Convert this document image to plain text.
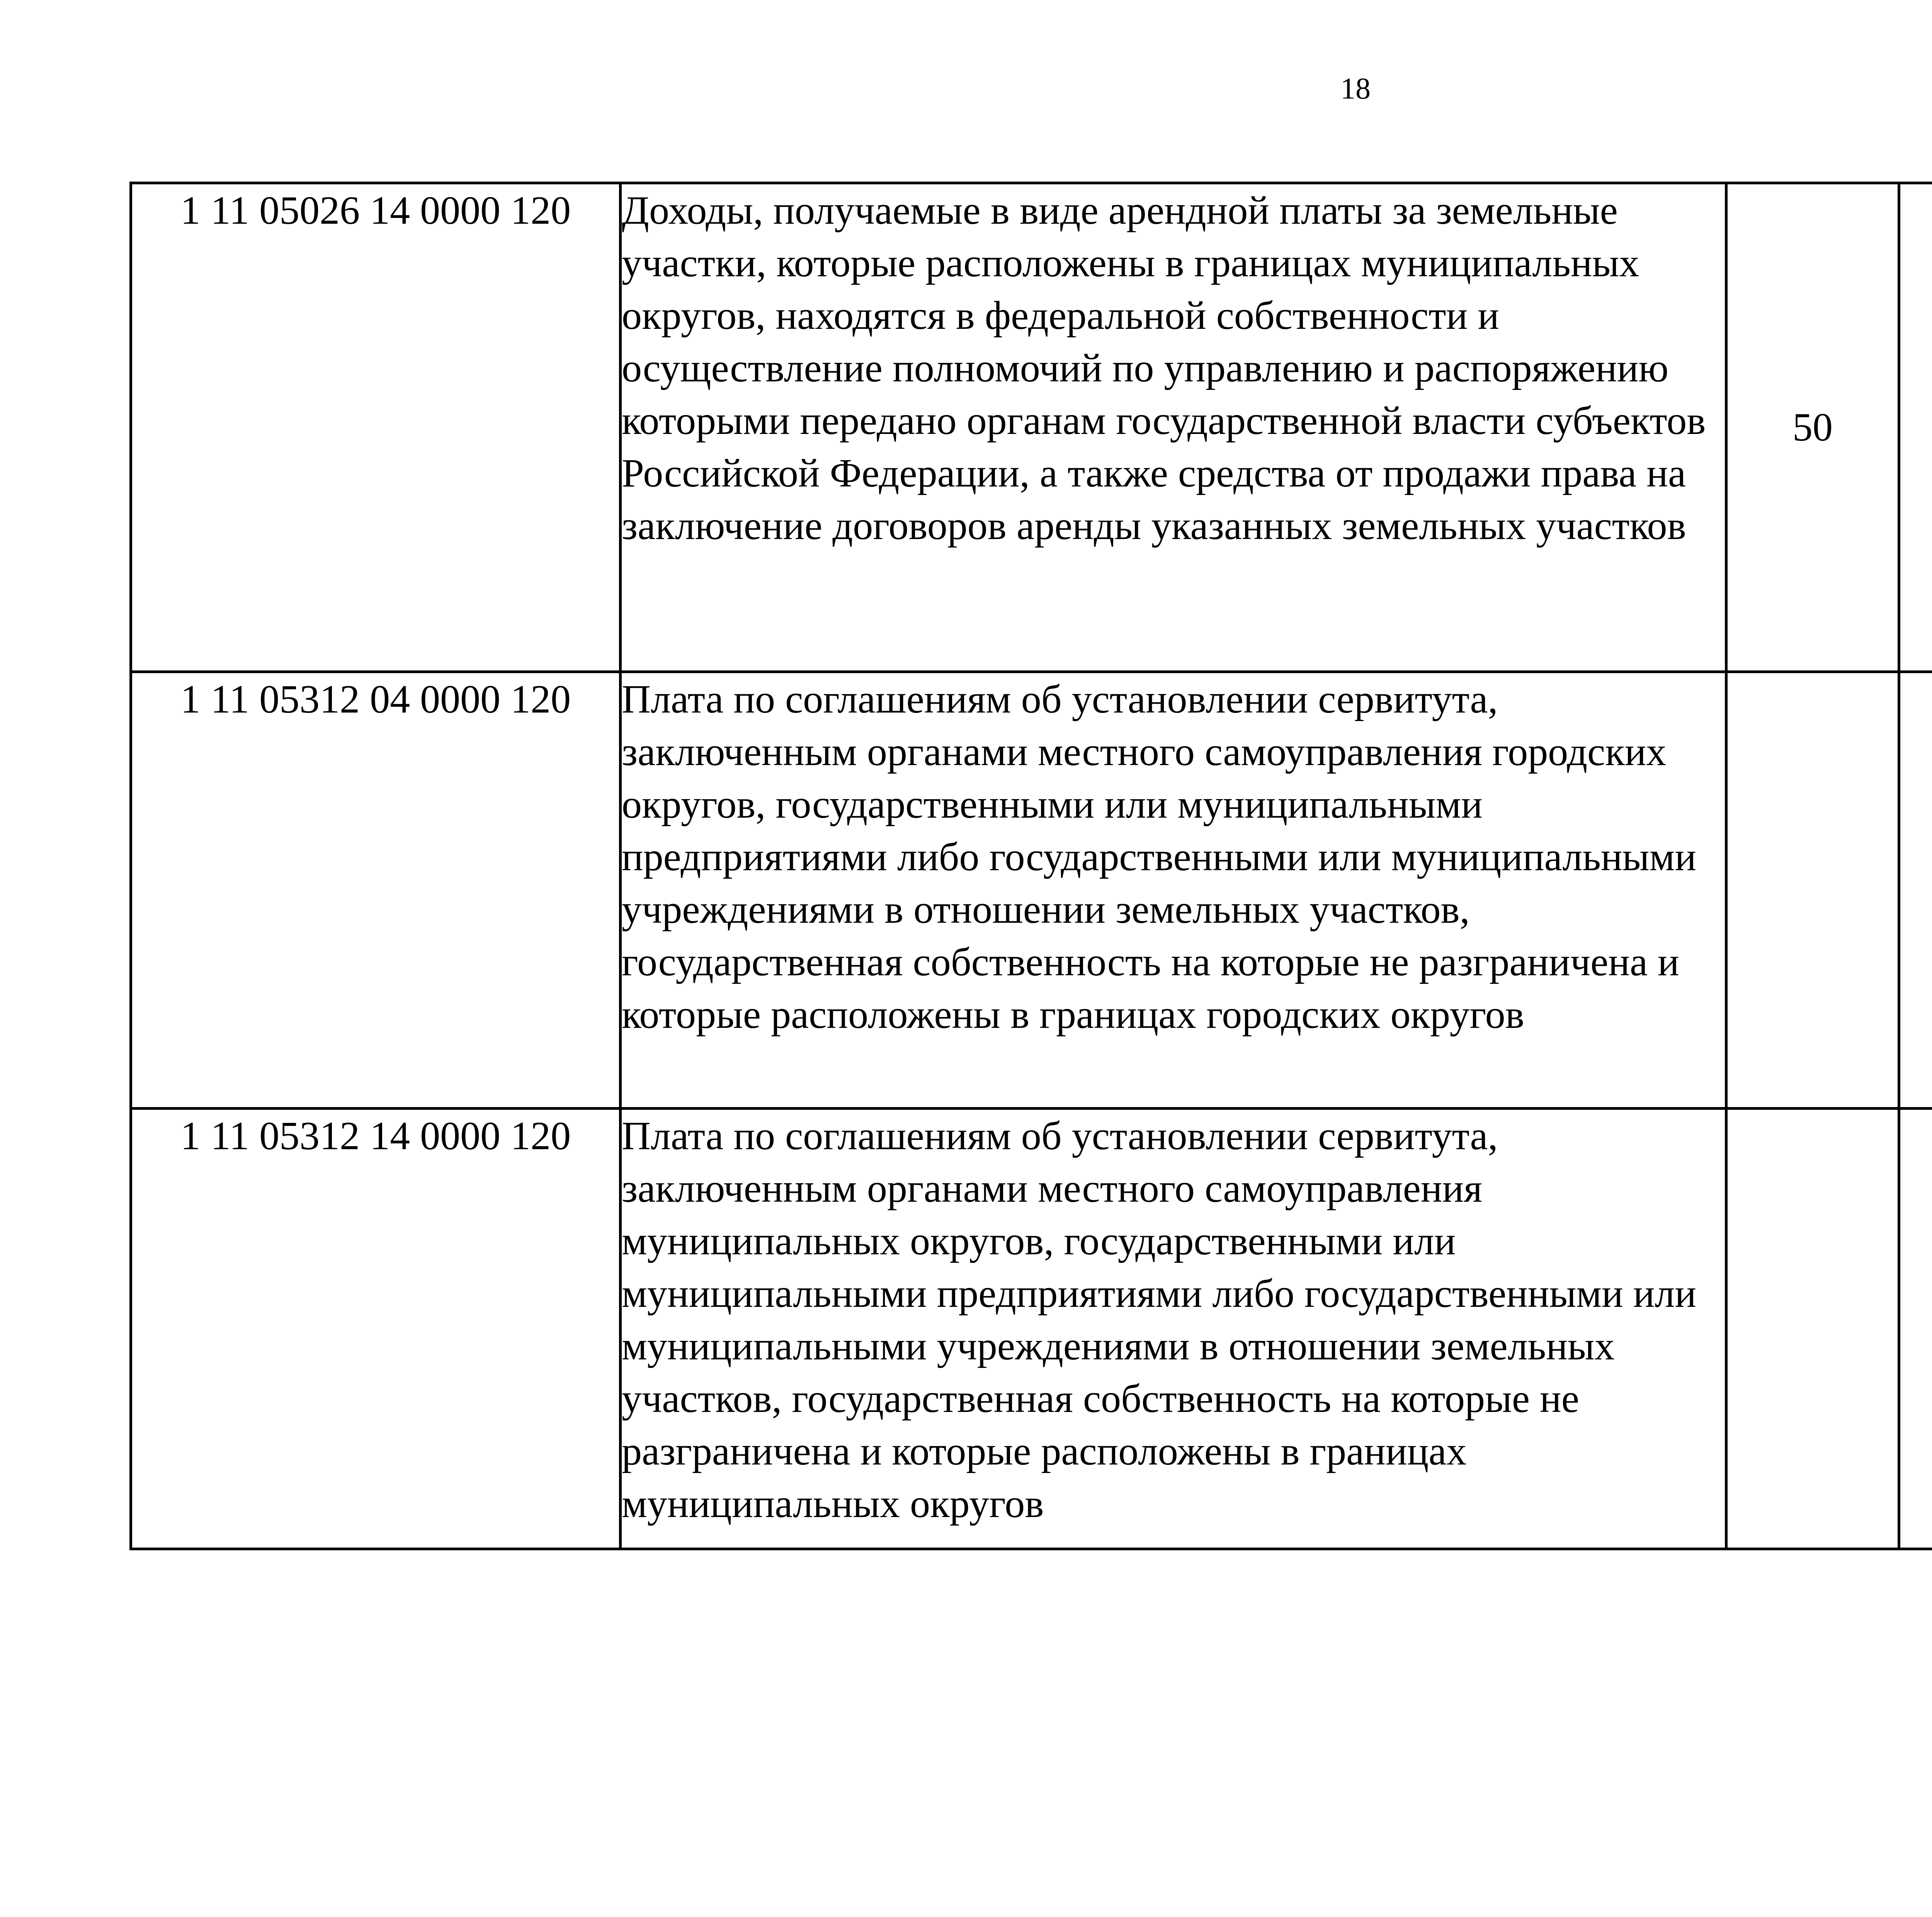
18
1 11 05026 14 0000 120	Доходы, получаемые в виде арендной платы за земельные участки, которые расположены в границах муниципальных округов, находятся в федеральной собственности и осуществление полномочий по управлению и распоряжению которыми передано органам государственной власти субъектов Российской Федерации, а также средства от продажи права на заключение договоров аренды указанных земельных участков	50				
1 11 05312 04 0000 120	Плата по соглашениям об установлении сервитута, заключенным органами местного самоуправления городских округов, государственными или муниципальными предприятиями либо государственными или муниципальными учреждениями в отношении земельных участков, государственная собственность на которые не разграничена и которые расположены в границах городских округов					
1 11 05312 14 0000 120	Плата по соглашениям об установлении сервитута, заключенным органами местного самоуправления муниципальных округов, государственными или муниципальными предприятиями либо государственными или муниципальными учреждениями в отношении земельных участков, государственная собственность на которые не разграничена и которые расположены в границах муниципальных округов					
